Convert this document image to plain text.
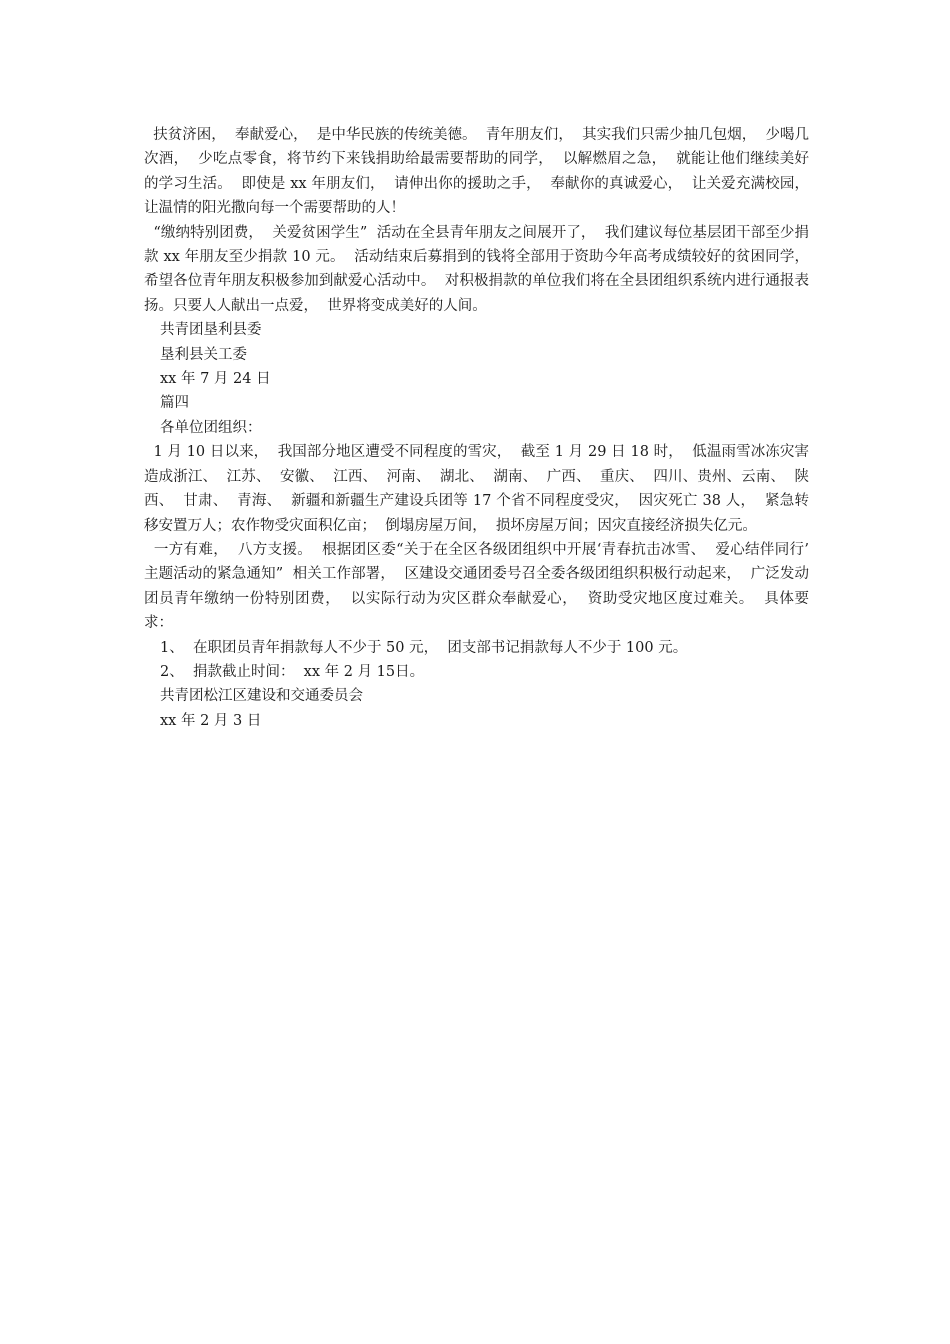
扶贫济困，  奉献爱心，  是中华民族的传统美德。  青年朋友们，  其实我们只需少抽几包烟，  少喝几次酒，  少吃点零食，将节约下来钱捐助给最需要帮助的同学，  以解燃眉之急，  就能让他们继续美好的学习生活。  即使是 xx 年朋友们，  请伸出你的援助之手，  奉献你的真诚爱心，  让关爱充满校园，  让温情的阳光撒向每一个需要帮助的人！

“缴纳特别团费，  关爱贫困学生”  活动在全县青年朋友之间展开了，  我们建议每位基层团干部至少捐款 xx 年朋友至少捐款 10 元。  活动结束后募捐到的钱将全部用于资助今年高考成绩较好的贫困同学，  希望各位青年朋友积极参加到献爱心活动中。  对积极捐款的单位我们将在全县团组织系统内进行通报表扬。只要人人献出一点爱，  世界将变成美好的人间。

共青团垦利县委
垦利县关工委
xx 年 7 月 24 日
篇四
各单位团组织：

1 月 10 日以来，  我国部分地区遭受不同程度的雪灾，  截至 1 月 29 日 18 时，  低温雨雪冰冻灾害造成浙江、  江苏、  安徽、  江西、  河南、  湖北、  湖南、  广西、  重庆、  四川、贵州、云南、  陕西、  甘肃、  青海、  新疆和新疆生产建设兵团等 17 个省不同程度受灾，  因灾死亡 38 人，  紧急转移安置万人；农作物受灾面积亿亩；  倒塌房屋万间，  损坏房屋万间；因灾直接经济损失亿元。

一方有难，  八方支援。  根据团区委“关于在全区各级团组织中开展‘青春抗击冰雪、  爱心结伴同行’  主题活动的紧急通知”  相关工作部署，  区建设交通团委号召全委各级团组织积极行动起来，  广泛发动团员青年缴纳一份特别团费，  以实际行动为灾区群众奉献爱心，  资助受灾地区度过难关。  具体要求：

1、  在职团员青年捐款每人不少于 50 元，  团支部书记捐款每人不少于 100 元。
2、  捐款截止时间：  xx 年 2 月 15日。
共青团松江区建设和交通委员会
xx 年 2 月 3 日
